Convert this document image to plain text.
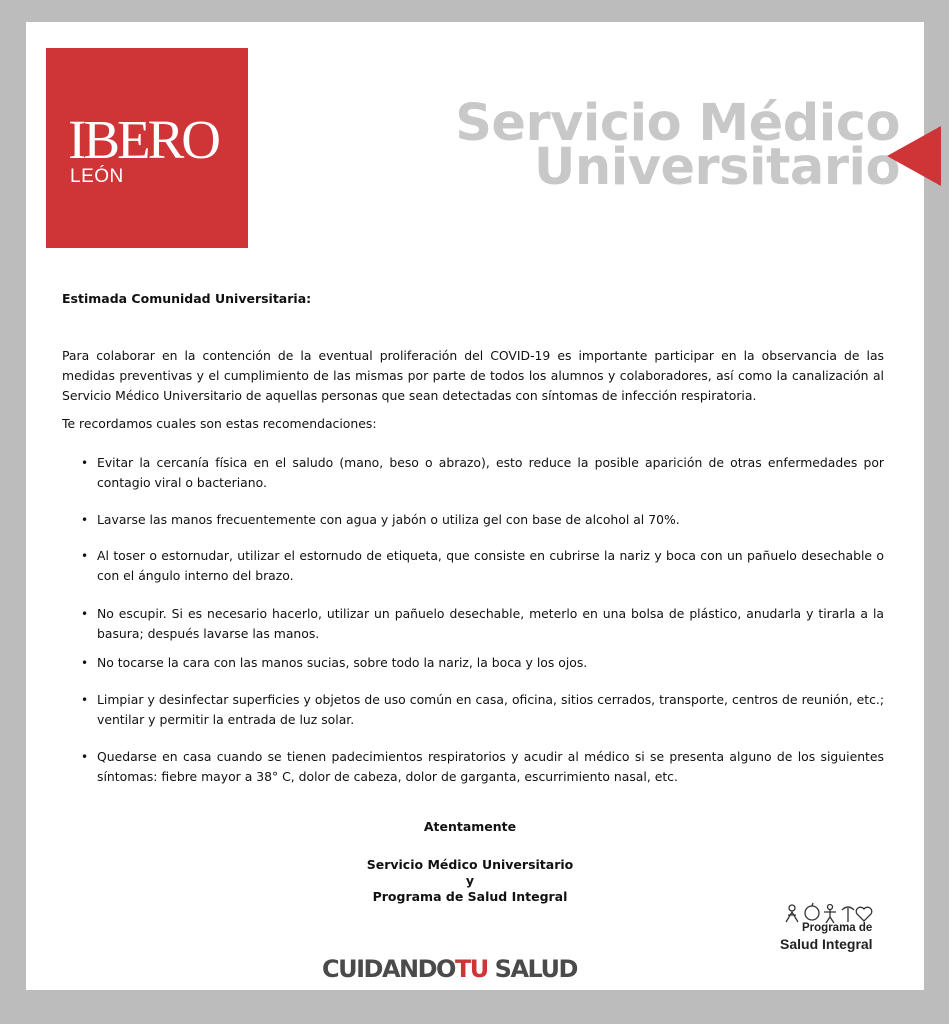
IBERO
LEÓN
Servicio Médico
Universitario
Estimada Comunidad Universitaria:
Para colaborar en la contención de la eventual proliferación del COVID-19 es importante participar en la observancia de las medidas preventivas y el cumplimiento de las mismas por parte de todos los alumnos y colaboradores, así como la canalización al Servicio Médico Universitario de aquellas personas que sean detectadas con síntomas de infección respiratoria.
Te recordamos cuales son estas recomendaciones:
• Evitar la cercanía física en el saludo (mano, beso o abrazo), esto reduce la posible aparición de otras enfermedades por contagio viral o bacteriano.
• Lavarse las manos frecuentemente con agua y jabón o utiliza gel con base de alcohol al 70%.
• Al toser o estornudar, utilizar el estornudo de etiqueta, que consiste en cubrirse la nariz y boca con un pañuelo desechable o con el ángulo interno del brazo.
• No escupir. Si es necesario hacerlo, utilizar un pañuelo desechable, meterlo en una bolsa de plástico, anudarla y tirarla a la basura; después lavarse las manos.
• No tocarse la cara con las manos sucias, sobre todo la nariz, la boca y los ojos.
• Limpiar y desinfectar superficies y objetos de uso común en casa, oficina, sitios cerrados, transporte, centros de reunión, etc.; ventilar y permitir la entrada de luz solar.
• Quedarse en casa cuando se tienen padecimientos respiratorios y acudir al médico si se presenta alguno de los siguientes síntomas: fiebre mayor a 38° C, dolor de cabeza, dolor de garganta, escurrimiento nasal, etc.
Atentamente
Servicio Médico Universitario
y
Programa de Salud Integral
Programa de
Salud Integral
CUIDANDOTU SALUD
